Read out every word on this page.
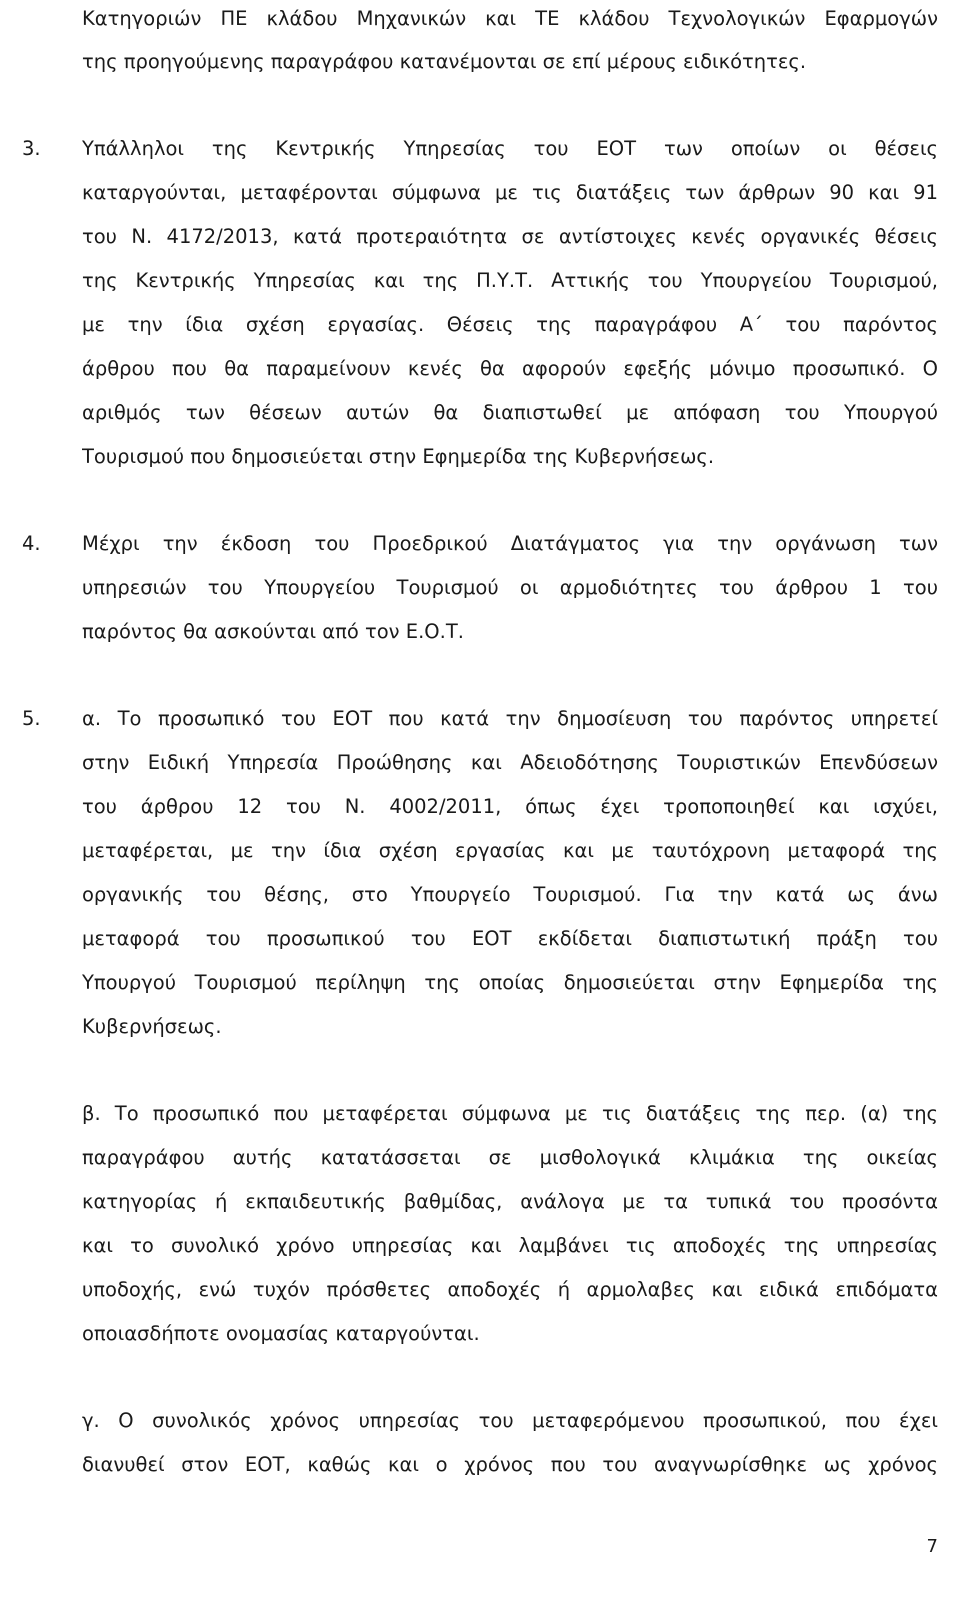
Κατηγοριών ΠΕ κλάδου Μηχανικών και ΤΕ κλάδου Τεχνολογικών Εφαρμογών
της προηγούμενης παραγράφου κατανέμονται σε επί μέρους ειδικότητες.
3. Υπάλληλοι της Κεντρικής Υπηρεσίας του ΕΟΤ των οποίων οι θέσεις
καταργούνται, μεταφέρονται σύμφωνα με τις διατάξεις των άρθρων 90 και 91
του Ν. 4172/2013, κατά προτεραιότητα σε αντίστοιχες κενές οργανικές θέσεις
της Κεντρικής Υπηρεσίας και της Π.Υ.Τ. Αττικής του Υπουργείου Τουρισμού,
με την ίδια σχέση εργασίας. Θέσεις της παραγράφου Α΄ του παρόντος
άρθρου που θα παραμείνουν κενές θα αφορούν εφεξής μόνιμο προσωπικό. Ο
αριθμός των θέσεων αυτών θα διαπιστωθεί με απόφαση του Υπουργού
Τουρισμού που δημοσιεύεται στην Εφημερίδα της Κυβερνήσεως.
4. Μέχρι την έκδοση του Προεδρικού Διατάγματος για την οργάνωση των
υπηρεσιών του Υπουργείου Τουρισμού οι αρμοδιότητες του άρθρου 1 του
παρόντος θα ασκούνται από τον Ε.Ο.Τ.
5. α. Το προσωπικό του ΕΟΤ που κατά την δημοσίευση του παρόντος υπηρετεί
στην Ειδική Υπηρεσία Προώθησης και Αδειοδότησης Τουριστικών Επενδύσεων
του άρθρου 12 του Ν. 4002/2011, όπως έχει τροποποιηθεί και ισχύει,
μεταφέρεται, με την ίδια σχέση εργασίας και με ταυτόχρονη μεταφορά της
οργανικής του θέσης, στο Υπουργείο Τουρισμού. Για την κατά ως άνω
μεταφορά του προσωπικού του ΕΟΤ εκδίδεται διαπιστωτική πράξη του
Υπουργού Τουρισμού περίληψη της οποίας δημοσιεύεται στην Εφημερίδα της
Κυβερνήσεως.
β. Το προσωπικό που μεταφέρεται σύμφωνα με τις διατάξεις της περ. (α) της
παραγράφου αυτής κατατάσσεται σε μισθολογικά κλιμάκια της οικείας
κατηγορίας ή εκπαιδευτικής βαθμίδας, ανάλογα με τα τυπικά του προσόντα
και το συνολικό χρόνο υπηρεσίας και λαμβάνει τις αποδοχές της υπηρεσίας
υποδοχής, ενώ τυχόν πρόσθετες αποδοχές ή αρμολαβες και ειδικά επιδόματα
οποιασδήποτε ονομασίας καταργούνται.
γ. Ο συνολικός χρόνος υπηρεσίας του μεταφερόμενου προσωπικού, που έχει
διανυθεί στον ΕΟΤ, καθώς και ο χρόνος που του αναγνωρίσθηκε ως χρόνος
7
